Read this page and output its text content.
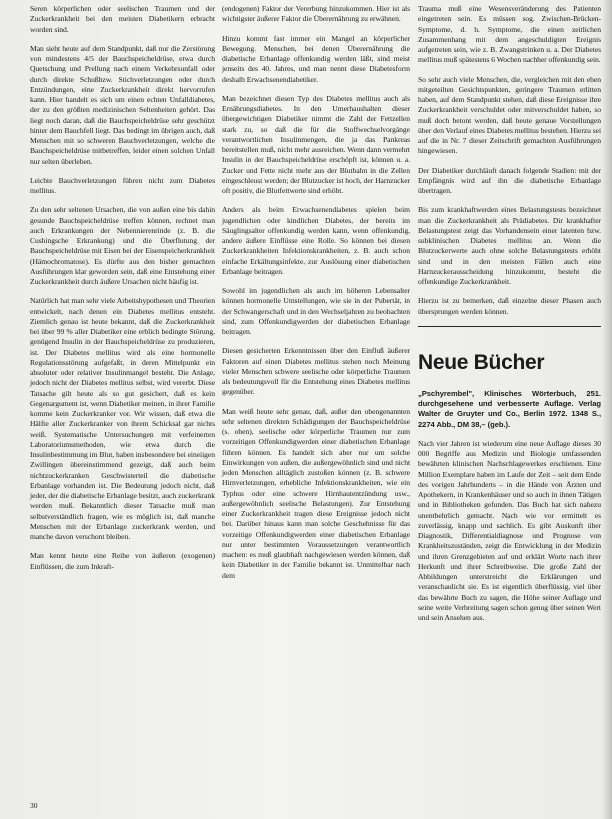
Seren körperlichen oder seelischen Traumen und der Zuckerkrankheit bei den meisten Diabetikern erbracht worden sind.

Man sieht heute auf dem Standpunkt, daß nur die Zerstörung von mindestens 4/5 der Bauchspeicheldrüse, etwa durch Quetschung und Prellung nach einem Verkehrsunfall oder durch direkte Schußbzw. Stichverletzungen oder durch Entzündungen, eine Zuckerkrankheit direkt hervorrufen kann. Hier handelt es sich um einen echten Unfalldiabetes, der zu den größten medizinischen Seltenheiten gehört. Das liegt noch daran, daß die Bauchspeicheldrüse sehr geschützt hinter dem Bauchfell liegt. Das bedingt im übrigen auch, daß Menschen mit so schweren Bauchverletzungen, welche die Bauchspeicheldrüse mitbetreffen, leider einen solchen Unfall nur selten überleben.

Leichte Bauchverletzungen führen nicht zum Diabetes mellitus.

Zu den sehr seltenen Ursachen, die von außen eine bis dahin gesunde Bauchspeicheldrüse treffen können, rechnet man auch Erkrankungen der Nebennierenrinde (z. B. die Cushingsche Erkrankung) und die Überflutung der Bauchspeicheldrüse mit Eisen bei der Eisenspeicherkrankheit (Hämochromatose). Es dürfte aus den bisher gemachten Ausführungen klar geworden sein, daß eine Entstehung einer Zuckerkrankheit durch äußere Ursachen nicht häufig ist.

Natürlich hat man sehr viele Arbeitshypothesen und Theorien entwickelt, nach denen ein Diabetes mellitus entsteht. Ziemlich genau ist heute bekannt, daß die Zuckerkrankheit bei über 99 % aller Diabetiker eine erblich bedingte Störung, genügend Insulin in der Bauchspeicheldrüse zu produzieren, ist. Der Diabetes mellitus wird als eine hormonelle Regulationsstörung aufgefaßt, in deren Mittelpunkt ein absoluter oder relativer Insulinmangel besteht. Die Anlage, jedoch nicht der Diabetes mellitus selbst, wird vererbt. Diese Tatsache gilt heute als so gut gesichert, daß es kein Gegenargument ist, wenn Diabetiker meinen, in ihrer Familie komme kein Zuckerkranker vor. Wir wissen, daß etwa die Hälfte aller Zuckerkranker von ihrem Schicksal gar nichts weiß. Systematische Untersuchungen mit verfeinerten Laboratoriumsmethoden, wie etwa durch die Insulinbestimmung im Blut, haben insbesondere bei eineiigen Zwillingen übereinstimmend gezeigt, daß auch beim nichtzuckerkranken Geschwisterteil die diabetische Erbanlage vorhanden ist. Die Bedeutung jedoch nicht, daß jeder, der die diabetische Erbanlage besitzt, auch zuckerkrank werden muß. Bekanntlich dieser Tatsache muß man selbstverständlich fragen, wie es möglich ist, daß manche Menschen mit der Erbanlage zuckerkrank werden, und manche davon verschont bleiben.

Man kennt heute eine Reihe von äußeren (exogenen) Einflüssen, die zum Inkraft-

(endogenen) Faktor der Vererbung hinzukommen. Hier ist als wichtigster äußerer Faktor die Überernährung zu erwähnen.

Hinzu kommt fast immer ein Mangel an körperlicher Bewegung. Menschen, bei denen Überernährung die diabetische Erbanlage offenkundig werden läßt, sind meist jenseits des 40. Jahres, und man nennt diese Diabetesform deshalb Erwachsenendiabetiker.

Man bezeichnet diesen Typ des Diabetes mellitus auch als Ernährungsdiabetes. In den Umerhaushalten dieser übergewichtigen Diabetiker nimmt die Zahl der Fettzellen stark zu, so daß die für die Stoffwechselvorgänge verantwortlichen Insulinmengen, die ja das Pankreas bereitstellen muß, nicht mehr ausreichen. Wenn dann vermehrt Insulin in der Bauchspeicheldrüse erschöpft ist, können u. a. Zucker und Fette nicht mehr aus der Blutbahn in die Zellen eingeschleust werden; der Blutzucker ist hoch, der Harnzucker oft positiv, die Blutfettwerte sind erhöht.

Anders als beim Erwachsenendiabetes spielen beim jugendlichen oder kindlichen Diabetes, der bereits im Säuglingsalter offenkundig werden kann, wenn offenkundig, andere äußere Einflüsse eine Rolle. So können bei diesen Zuckerkrankheiten Infektionskrankheiten, z. B. auch schon einfache Erkältungsinfekte, zur Auslösung einer diabetischen Erbanlage beitragen.

Sowohl im jugendlichen als auch im höheren Lebensalter können hormonelle Umstellungen, wie sie in der Pubertät, in der Schwangerschaft und in den Wechseljahren zu beobachten sind, zum Offenkundigwerden der diabetischen Erbanlage beitragen.

Diesen gesicherten Erkenntnissen über den Einfluß äußerer Faktoren auf einen Diabetes mellitus stehen noch Meinung vieler Menschen schwere seelische oder körperliche Traumen als bedeutungsvoll für die Entstehung eines Diabetes mellitus gegenüber.

Man weiß heute sehr genau, daß, außer den obengenannten sehr seltenen direkten Schädigungen der Bauchspeicheldrüse (s. oben), seelische oder körperliche Traumen nur zum vorzeitigen Offenkundigwerden einer diabetischen Erbanlage führen können. Es handelt sich aber nur um solche Einwirkungen von außen, die außergewöhnlich sind und nicht jeden Menschen alltäglich zustoßen können (z. B. schwere Hirnverletzungen, erhebliche Infektionskrankheiten, wie ein Typhus oder eine schwere Hirnhautentzündung usw., außergewöhnlich seelische Belastungen). Zur Entstehung einer Zuckerkrankheit tragen diese Ereignisse jedoch nicht bei. Darüber hinaus kann man solche Geschehnisse für das vorzeitige Offenkundigwerden einer diabetischen Erbanlage nur unter bestimmten Voraussetzungen verantwortlich machen: es muß glaubhaft nachgewiesen werden können, daß kein Diabetiker in der Familie bekannt ist. Unmittelbar nach dem

Trauma muß eine Wesensveränderung des Patienten eingetreten sein. Es müssen sog. Zwischen-Brücken-Symptome, d. h. Symptome, die einen zeitlichen Zusammenhang mit dem angeschuldigten Ereignis aufgetreten sein, wie z. B. Zwangstrinken u. a. Der Diabetes mellitus muß spätestens 6 Wochen nachher offenkundig sein.

So sehr auch viele Menschen, die, vergleichen mit den eben mitgeteilten Gesichtspunkten, geringere Traumen erlitten haben, auf dem Standpunkt stehen, daß diese Ereignisse ihre Zuckerkrankheit verschuldet oder mitverschuldet haben, so muß doch betont werden, daß heute genaue Vorstellungen über den Verlauf eines Diabetes mellitus bestehen. Hierzu sei auf die in Nr. 7 dieser Zeitschrift gemachten Ausführungen hingewiesen.

Der Diabetiker durchläuft danach folgende Stadien: mit der Empfängnis wird auf ihn die diabetische Erbanlage übertragen.

Bis zum krankhaftwerden eines Belastungstests bezeichnet man die Zuckerkrankheit als Prädiabetes. Dir krankhafter Belastungstest zeigt das Vorhandensein einer latenten bzw. subklinischen Diabetes mellitus an. Wenn die Blutzuckerwerte auch ohne solche Belastungstests erhöht sind und in den meisten Fällen auch eine Harnzuckerausscheidung hinzukommt, besteht die offenkundige Zuckerkrankheit.

Hierzu ist zu bemerken, daß einzelne dieser Phasen auch übersprungen werden können.

Neue Bücher
„Pschyrembel", Klinisches Wörterbuch, 251. durchgesehene und verbesserte Auflage. Verlag Walter de Gruyter und Co., Berlin 1972. 1348 S., 2274 Abb., DM 38,– (geb.).

Nach vier Jahren ist wiederum eine neue Auflage dieses 30 000 Begriffe aus Medizin und Biologie umfassenden bewährten klinischen Nachschlagewerkes erschienen. Eine Million Exemplare haben im Laufe der Zeit – seit dem Ende des vorigen Jahrhunderts – in die Hände von Ärzten und Apothekern, in Krankenhäuser und so auch in ihnen Tätigen und in Bibliotheken gefunden. Das Buch hat sich nahezu unentbehrlich gemacht. Nach wie vor ermittelt es zuverlässig, knapp und sachlich. Es gibt Auskunft über Diagnostik, Differentialdiagnose und Prognose von Krankheitszuständen, zeigt die Entwicklung in der Medizin und ihren Grenzgebieten auf und erklärt Worte nach ihrer Herkunft und ihrer Schreibweise. Die große Zahl der Abbildungen unterstreicht die Erklärungen und veranschaulicht sie. Es ist eigentlich überflüssig, viel über das bewährte Buch zu sagen, die Höhe seiner Auflage und seine weite Verbreitung sagen schon genug über seinen Wert und sein Ansehen aus.

30
